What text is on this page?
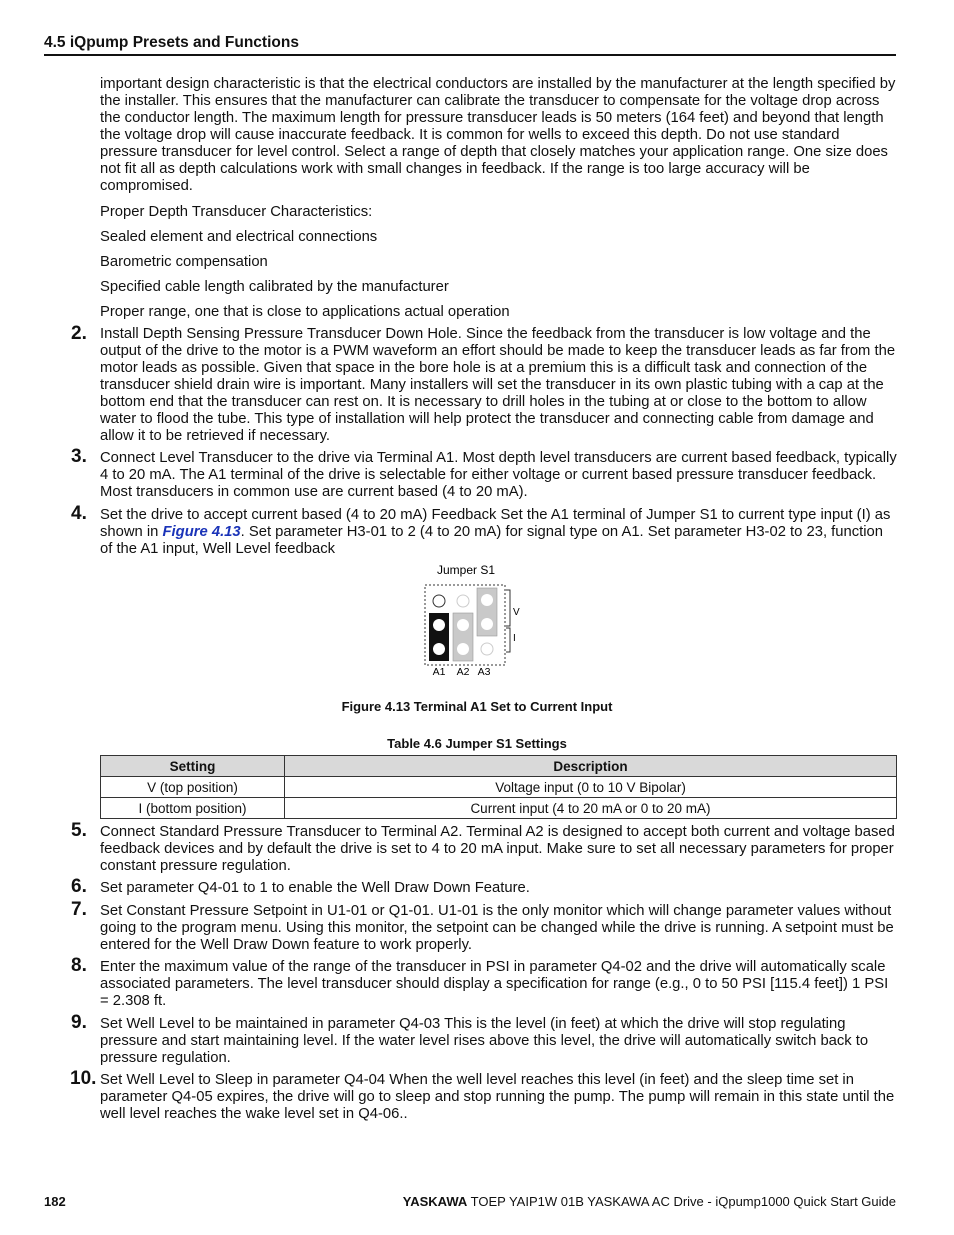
4.5 iQpump Presets and Functions
important design characteristic is that the electrical conductors are installed by the manufacturer at the length specified by the installer. This ensures that the manufacturer can calibrate the transducer to compensate for the voltage drop across the conductor length. The maximum length for pressure transducer leads is 50 meters (164 feet) and beyond that length the voltage drop will cause inaccurate feedback. It is common for wells to exceed this depth. Do not use standard pressure transducer for level control. Select a range of depth that closely matches your application range. One size does not fit all as depth calculations work with small changes in feedback. If the range is too large accuracy will be compromised.
Proper Depth Transducer Characteristics:
Sealed element and electrical connections
Barometric compensation
Specified cable length calibrated by the manufacturer
Proper range, one that is close to applications actual operation
2. Install Depth Sensing Pressure Transducer Down Hole. Since the feedback from the transducer is low voltage and the output of the drive to the motor is a PWM waveform an effort should be made to keep the transducer leads as far from the motor leads as possible. Given that space in the bore hole is at a premium this is a difficult task and connection of the transducer shield drain wire is important. Many installers will set the transducer in its own plastic tubing with a cap at the bottom end that the transducer can rest on. It is necessary to drill holes in the tubing at or close to the bottom to allow water to flood the tube. This type of installation will help protect the transducer and connecting cable from damage and allow it to be retrieved if necessary.
3. Connect Level Transducer to the drive via Terminal A1. Most depth level transducers are current based feedback, typically 4 to 20 mA. The A1 terminal of the drive is selectable for either voltage or current based pressure transducer feedback. Most transducers in common use are current based (4 to 20 mA).
4. Set the drive to accept current based (4 to 20 mA) Feedback Set the A1 terminal of Jumper S1 to current type input (I) as shown in Figure 4.13. Set parameter H3-01 to 2 (4 to 20 mA) for signal type on A1. Set parameter H3-02 to 23, function of the A1 input, Well Level feedback
Jumper S1
V
I
A1 A2 A3
Figure 4.13 Terminal A1 Set to Current Input
Table 4.6 Jumper S1 Settings
Setting	Description
V (top position)	Voltage input (0 to 10 V Bipolar)
I (bottom position)	Current input (4 to 20 mA or 0 to 20 mA)
5. Connect Standard Pressure Transducer to Terminal A2. Terminal A2 is designed to accept both current and voltage based feedback devices and by default the drive is set to 4 to 20 mA input. Make sure to set all necessary parameters for proper constant pressure regulation.
6. Set parameter Q4-01 to 1 to enable the Well Draw Down Feature.
7. Set Constant Pressure Setpoint in U1-01 or Q1-01. U1-01 is the only monitor which will change parameter values without going to the program menu. Using this monitor, the setpoint can be changed while the drive is running. A setpoint must be entered for the Well Draw Down feature to work properly.
8. Enter the maximum value of the range of the transducer in PSI in parameter Q4-02 and the drive will automatically scale associated parameters. The level transducer should display a specification for range (e.g., 0 to 50 PSI [115.4 feet]) 1 PSI = 2.308 ft.
9. Set Well Level to be maintained in parameter Q4-03 This is the level (in feet) at which the drive will stop regulating pressure and start maintaining level. If the water level rises above this level, the drive will automatically switch back to pressure regulation.
10. Set Well Level to Sleep in parameter Q4-04 When the well level reaches this level (in feet) and the sleep time set in parameter Q4-05 expires, the drive will go to sleep and stop running the pump. The pump will remain in this state until the well level reaches the wake level set in Q4-06..
182	YASKAWA TOEP YAIP1W 01B YASKAWA AC Drive - iQpump1000 Quick Start Guide
